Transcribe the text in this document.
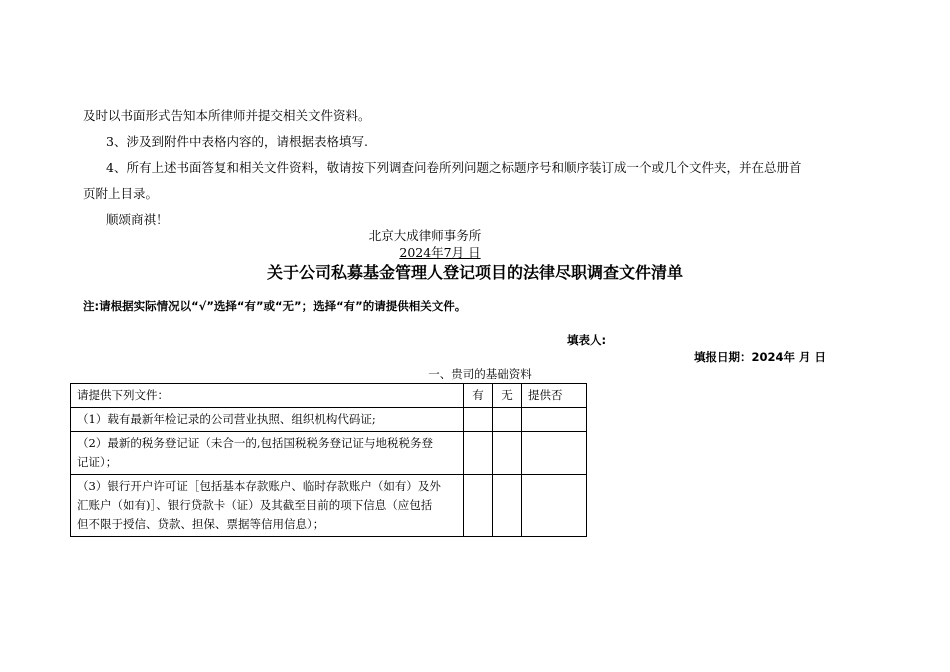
及时以书面形式告知本所律师并提交相关文件资料。
3、涉及到附件中表格内容的，请根据表格填写.
4、所有上述书面答复和相关文件资料，敬请按下列调查问卷所列问题之标题序号和顺序装订成一个或几个文件夹，并在总册首
页附上目录。
顺颂商祺！
北京大成律师事务所
2024年7月 日
关于公司私募基金管理人登记项目的法律尽职调查文件清单
注:请根据实际情况以“√”选择“有”或“无”；选择“有”的请提供相关文件。
填表人:
填报日期：2024年 月 日
一、贵司的基础资料
请提供下列文件：	有	无	提供否
（1）载有最新年检记录的公司营业执照、组织机构代码证;			

（2）最新的税务登记证（未合一的,包括国税税务登记证与地税税务登
记证）；			

（3）银行开户许可证［包括基本存款账户、临时存款账户（如有）及外
汇账户（如有)］、银行贷款卡（证）及其截至目前的项下信息（应包括
但不限于授信、贷款、担保、票据等信用信息）；			
